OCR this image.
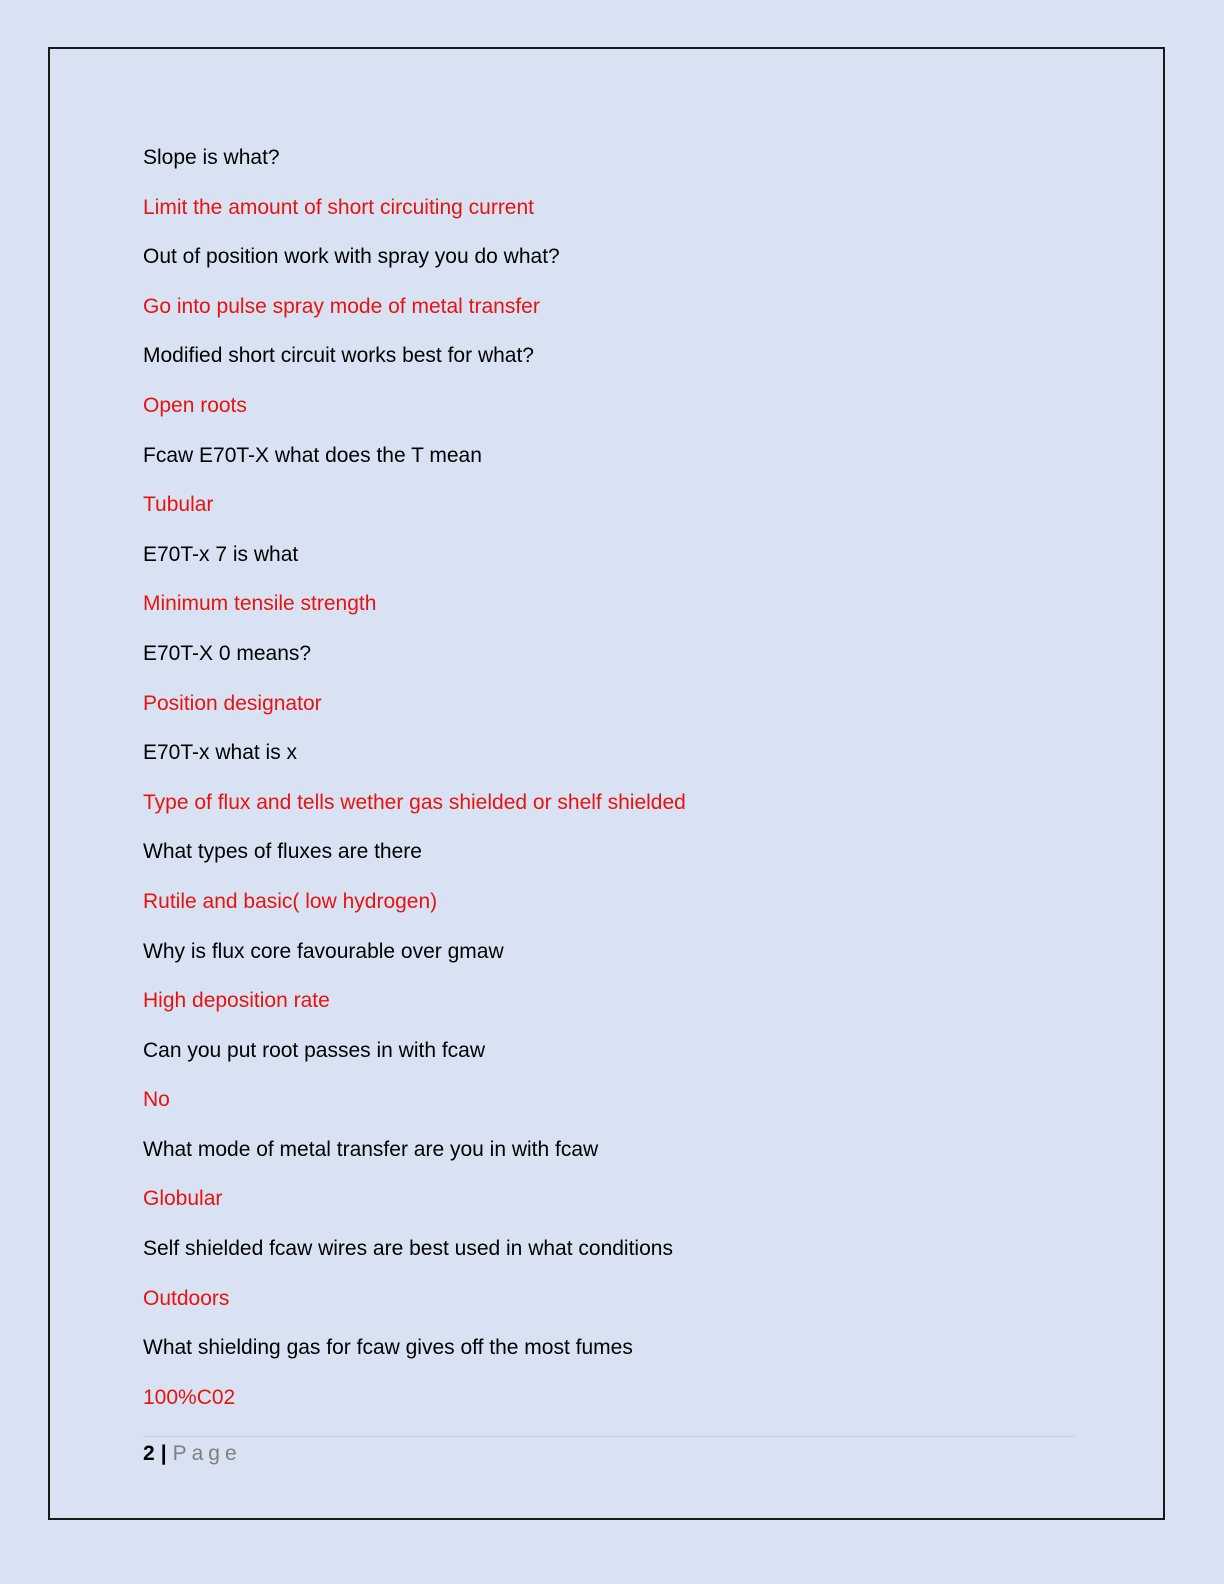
Slope is what?
Limit the amount of short circuiting current
Out of position work with spray you do what?
Go into pulse spray mode of metal transfer
Modified short circuit works best for what?
Open roots
Fcaw E70T-X what does the T mean
Tubular
E70T-x 7 is what
Minimum tensile strength
E70T-X 0 means?
Position designator
E70T-x what is x
Type of flux and tells wether gas shielded or shelf shielded
What types of fluxes are there
Rutile and basic( low hydrogen)
Why is flux core favourable over gmaw
High deposition rate
Can you put root passes in with fcaw
No
What mode of metal transfer are you in with fcaw
Globular
Self shielded fcaw wires are best used in what conditions
Outdoors
What shielding gas for fcaw gives off the most fumes
100%C02
2 | Page
